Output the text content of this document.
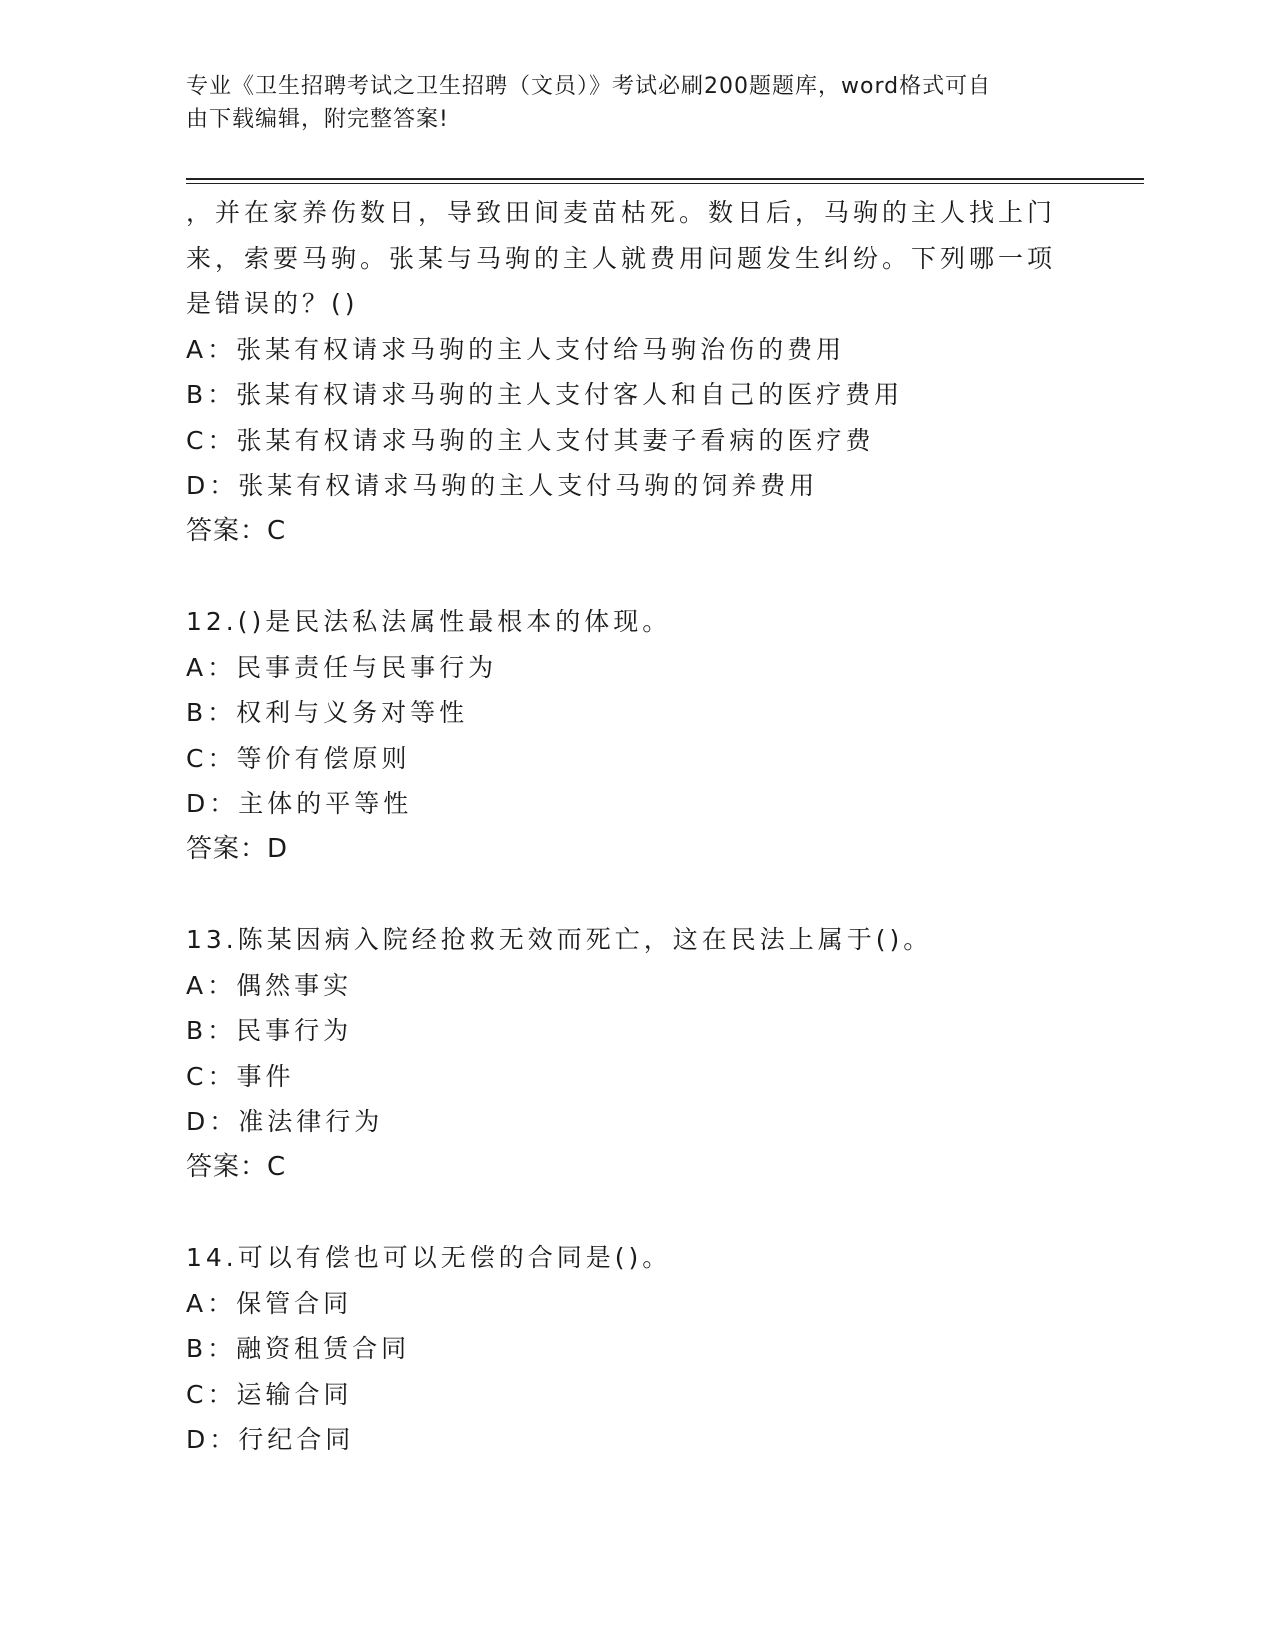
专业《卫生招聘考试之卫生招聘（文员）》考试必刷200题题库，word格式可自
由下载编辑，附完整答案!
，并在家养伤数日，导致田间麦苗枯死。数日后，马驹的主人找上门
来，索要马驹。张某与马驹的主人就费用问题发生纠纷。下列哪一项
是错误的？()
A：张某有权请求马驹的主人支付给马驹治伤的费用
B：张某有权请求马驹的主人支付客人和自己的医疗费用
C：张某有权请求马驹的主人支付其妻子看病的医疗费
D：张某有权请求马驹的主人支付马驹的饲养费用
答案：C
12.()是民法私法属性最根本的体现。
A：民事责任与民事行为
B：权利与义务对等性
C：等价有偿原则
D：主体的平等性
答案：D
13.陈某因病入院经抢救无效而死亡，这在民法上属于()。
A：偶然事实
B：民事行为
C：事件
D：准法律行为
答案：C
14.可以有偿也可以无偿的合同是()。
A：保管合同
B：融资租赁合同
C：运输合同
D：行纪合同
